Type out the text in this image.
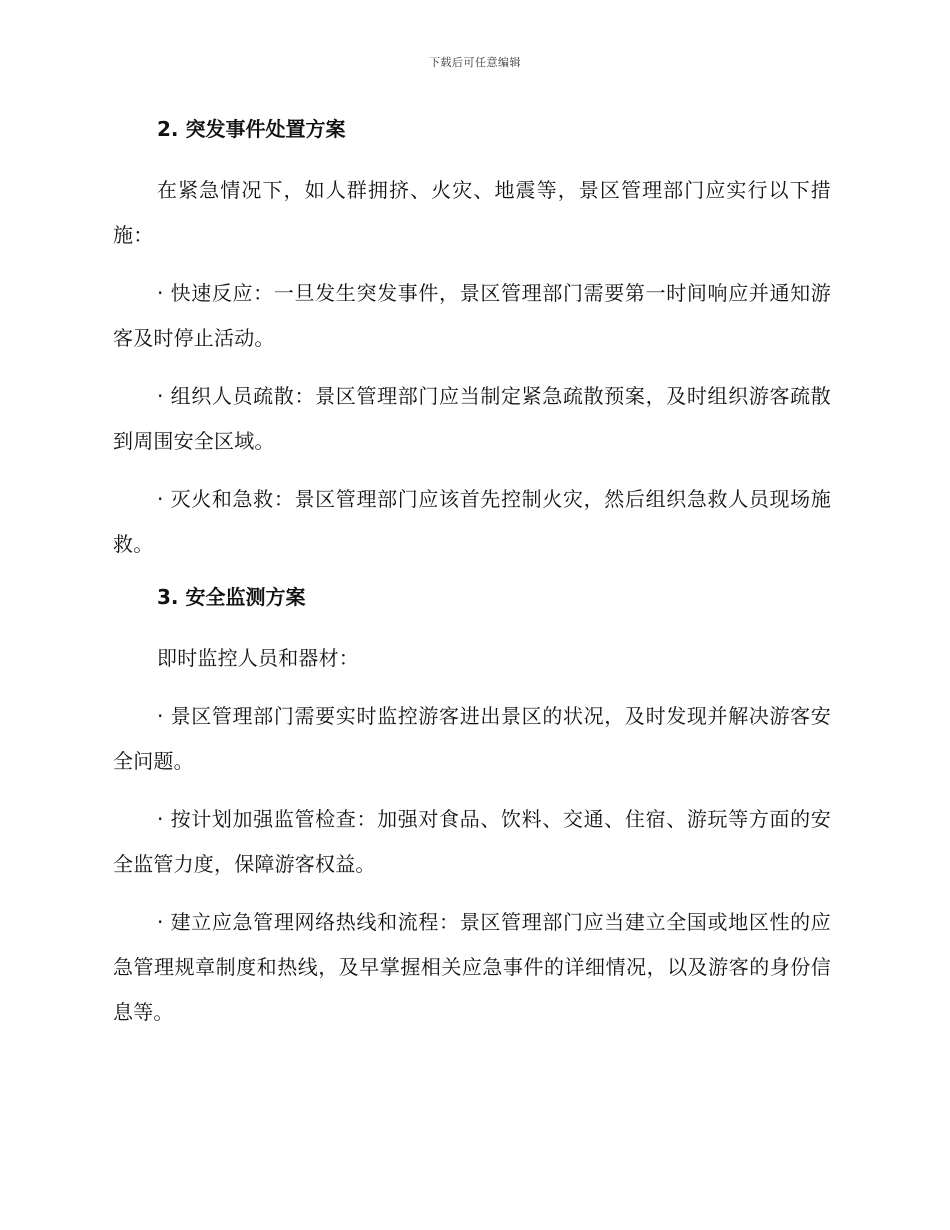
下载后可任意编辑
2. 突发事件处置方案

在紧急情况下，如人群拥挤、火灾、地震等，景区管理部门应实行以下措施：

· 快速反应：一旦发生突发事件，景区管理部门需要第一时间响应并通知游客及时停止活动。

· 组织人员疏散：景区管理部门应当制定紧急疏散预案，及时组织游客疏散到周围安全区域。

· 灭火和急救：景区管理部门应该首先控制火灾，然后组织急救人员现场施救。

3. 安全监测方案

即时监控人员和器材：

· 景区管理部门需要实时监控游客进出景区的状况，及时发现并解决游客安全问题。

· 按计划加强监管检查：加强对食品、饮料、交通、住宿、游玩等方面的安全监管力度，保障游客权益。

· 建立应急管理网络热线和流程：景区管理部门应当建立全国或地区性的应急管理规章制度和热线，及早掌握相关应急事件的详细情况，以及游客的身份信息等。
